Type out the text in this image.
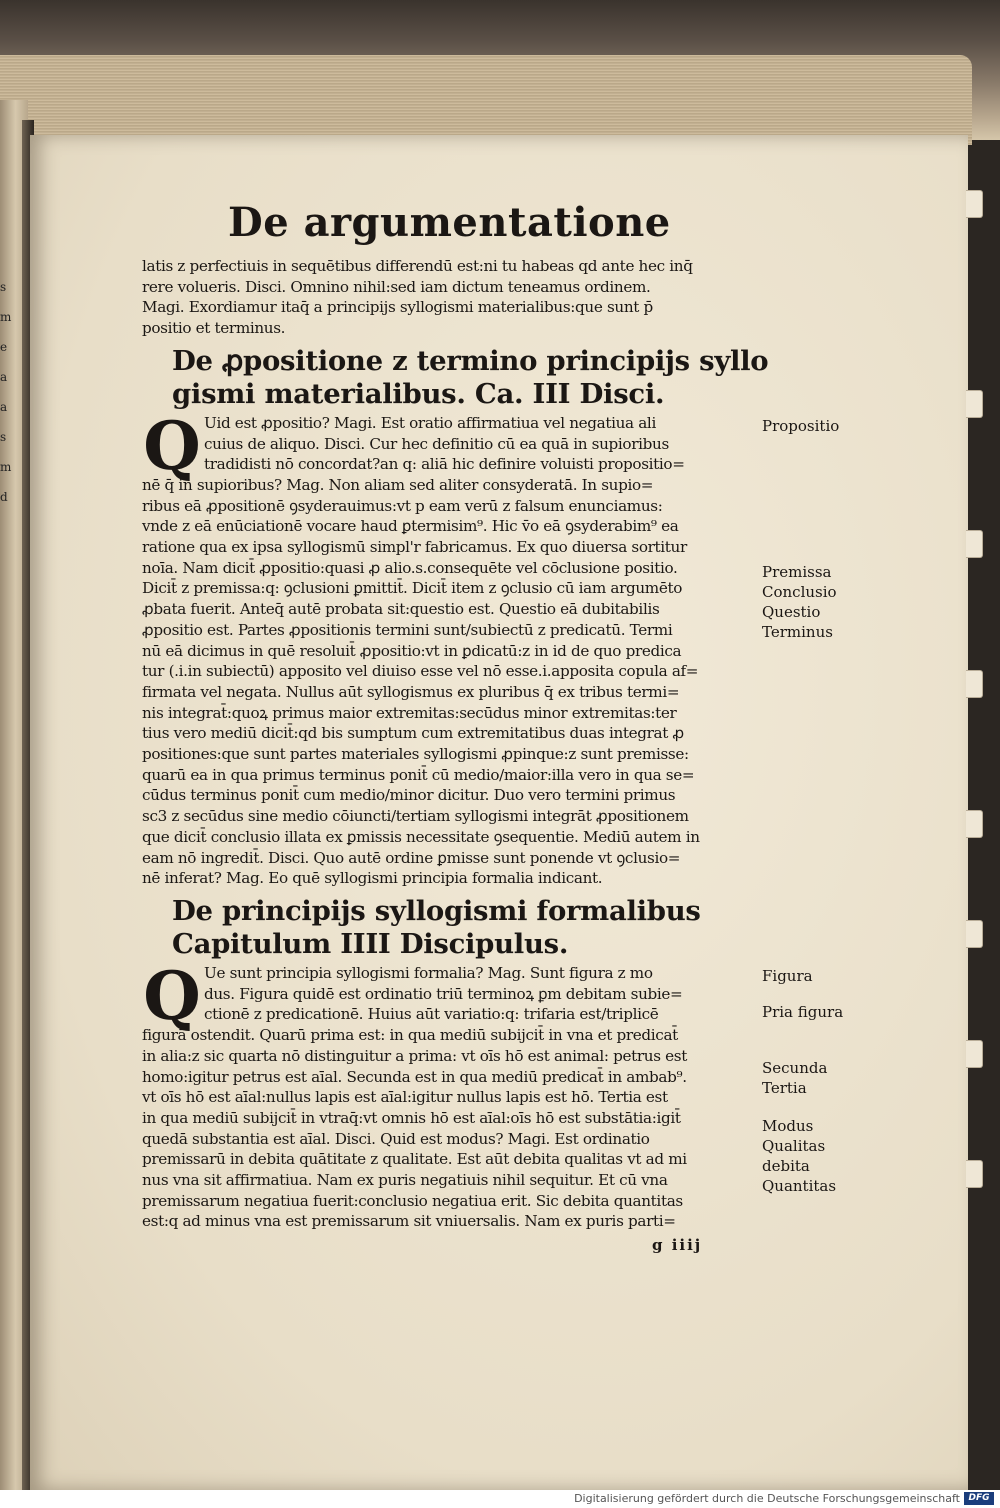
s
m
e
a
a
s
m
d
De argumentatione
latis z perfectiuis in sequētibus differendū est:ni tu habeas qd ante hec inq̄
rere volueris. Disci. Omnino nihil:sed iam dictum teneamus ordinem.
Magi. Exordiamur itaq̄ a principijs syllogismi materialibus:que sunt p̄
positio et terminus.
De ꝓpositione z termino principijs syllo
gismi materialibus. Ca. III Disci.
Q Uid est ꝓpositio? Magi. Est oratio affirmatiua vel negatiua ali
cuius de aliquo. Disci. Cur hec definitio cū ea quā in supioribus
tradidisti nō concordat?an q: aliā hic definire voluisti propositio=
nē q̄ in supioribus? Mag. Non aliam sed aliter consyderatā. In supio=
ribus eā ꝓpositionē ꝯsyderauimus:vt p eam verū z falsum enunciamus:
vnde z eā enūciationē vocare haud ꝑtermisim⁹. Hic v̄o eā ꝯsyderabim⁹ ea
ratione qua ex ipsa syllogismū simpl'r fabricamus. Ex quo diuersa sortitur
noīa. Nam dicit̄ ꝓpositio:quasi ꝓ alio.s.consequēte vel cōclusione positio.
Dicit̄ z premissa:q: ꝯclusioni ꝑmittit̄. Dicit̄ item z ꝯclusio cū iam argumēto
ꝓbata fuerit. Anteq̄ autē probata sit:questio est. Questio eā dubitabilis
ꝓpositio est. Partes ꝓpositionis termini sunt/subiectū z predicatū. Termi
nū eā dicimus in quē resoluit̄ ꝓpositio:vt in ꝑdicatū:z in id de quo predica
tur (.i.in subiectū) apposito vel diuiso esse vel nō esse.i.apposita copula af=
firmata vel negata. Nullus aūt syllogismus ex pluribus q̄ ex tribus termi=
nis integrat̄:quoꝝ primus maior extremitas:secūdus minor extremitas:ter
tius vero mediū dicit̄:qd bis sumptum cum extremitatibus duas integrat ꝓ
positiones:que sunt partes materiales syllogismi ꝓpinque:z sunt premisse:
quarū ea in qua primus terminus ponit̄ cū medio/maior:illa vero in qua se=
cūdus terminus ponit̄ cum medio/minor dicitur. Duo vero termini primus
sc3 z secūdus sine medio cōiuncti/tertiam syllogismi integrāt ꝓpositionem
que dicit̄ conclusio illata ex ꝑmissis necessitate ꝯsequentie. Mediū autem in
eam nō ingredit̄. Disci. Quo autē ordine ꝑmisse sunt ponende vt ꝯclusio=
nē inferat? Mag. Eo quē syllogismi principia formalia indicant.
De principijs syllogismi formalibus
Capitulum IIII Discipulus.
Q Ue sunt principia syllogismi formalia? Mag. Sunt figura z mo
dus. Figura quidē est ordinatio triū terminoꝝ ꝑm debitam subie=
ctionē z predicationē. Huius aūt variatio:q: trifaria est/triplicē
figurā ostendit. Quarū prima est: in qua mediū subijcit̄ in vna et predicat̄
in alia:z sic quarta nō distinguitur a prima: vt oīs hō est animal: petrus est
homo:igitur petrus est aīal. Secunda est in qua mediū predicat̄ in ambab⁹.
vt oīs hō est aīal:nullus lapis est aīal:igitur nullus lapis est hō. Tertia est
in qua mediū subijcit̄ in vtraq̄:vt omnis hō est aīal:oīs hō est substātia:igit̄
quedā substantia est aīal. Disci. Quid est modus? Magi. Est ordinatio
premissarū in debita quātitate z qualitate. Est aūt debita qualitas vt ad mi
nus vna sit affirmatiua. Nam ex puris negatiuis nihil sequitur. Et cū vna
premissarum negatiua fuerit:conclusio negatiua erit. Sic debita quantitas
est:q ad minus vna est premissarum sit vniuersalis. Nam ex puris parti=
g iiij
Propositio
Premissa
Conclusio
Questio
Terminus
Figura
Pria figura
Secunda
Tertia
Modus
Qualitas
debita
Quantitas
Digitalisierung gefördert durch die Deutsche Forschungsgemeinschaft DFG
